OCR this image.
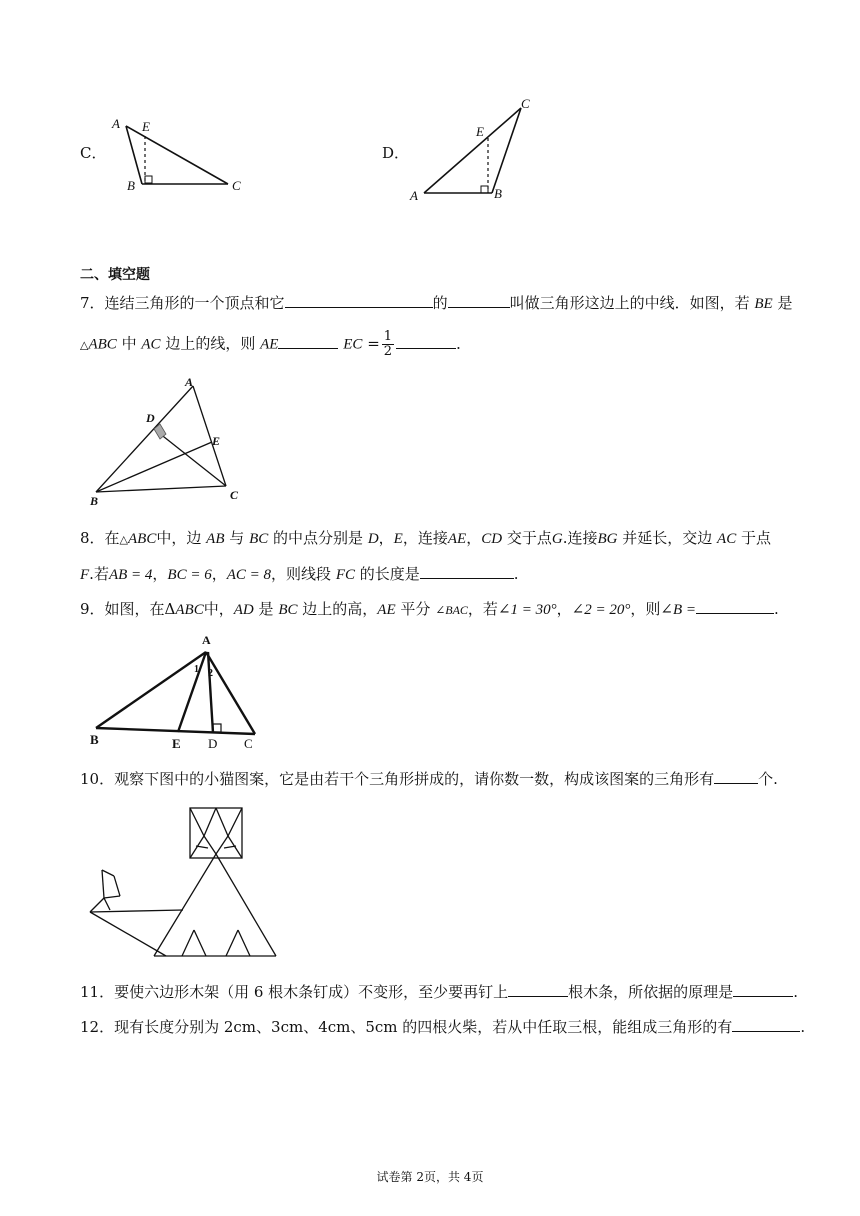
C．
A E
B	C
D．
C
E
A	B
二、填空题
7．连结三角形的一个顶点和它	的	叫做三角形这边上的中线．如图，若 BE 是
△ABC 中 AC 边上的线，则 AE	EC = $\frac{1}{2}$	．
A
D
E
B	C
8．在△ABC中，边 AB 与 BC 的中点分别是 D，E，连接AE，CD 交于点G.连接BG 并延长，交边 AC 于点
F.若AB = 4，BC = 6，AC = 8，则线段 FC 的长度是	.
9．如图，在ΔABC中，AD 是 BC 边上的高，AE 平分 ∠BAC，若∠1 = 30°，∠2 = 20°，则∠B =	.
A
1 2
B	E D C
10．观察下图中的小猫图案，它是由若干个三角形拼成的，请你数一数，构成该图案的三角形有	个.
11．要使六边形木架（用 6 根木条钉成）不变形，至少要再钉上	根木条，所依据的原理是	.
12．现有长度分别为 2cm、3cm、4cm、5cm 的四根火柴，若从中任取三根，能组成三角形的有	.
试卷第 2页，共 4页
